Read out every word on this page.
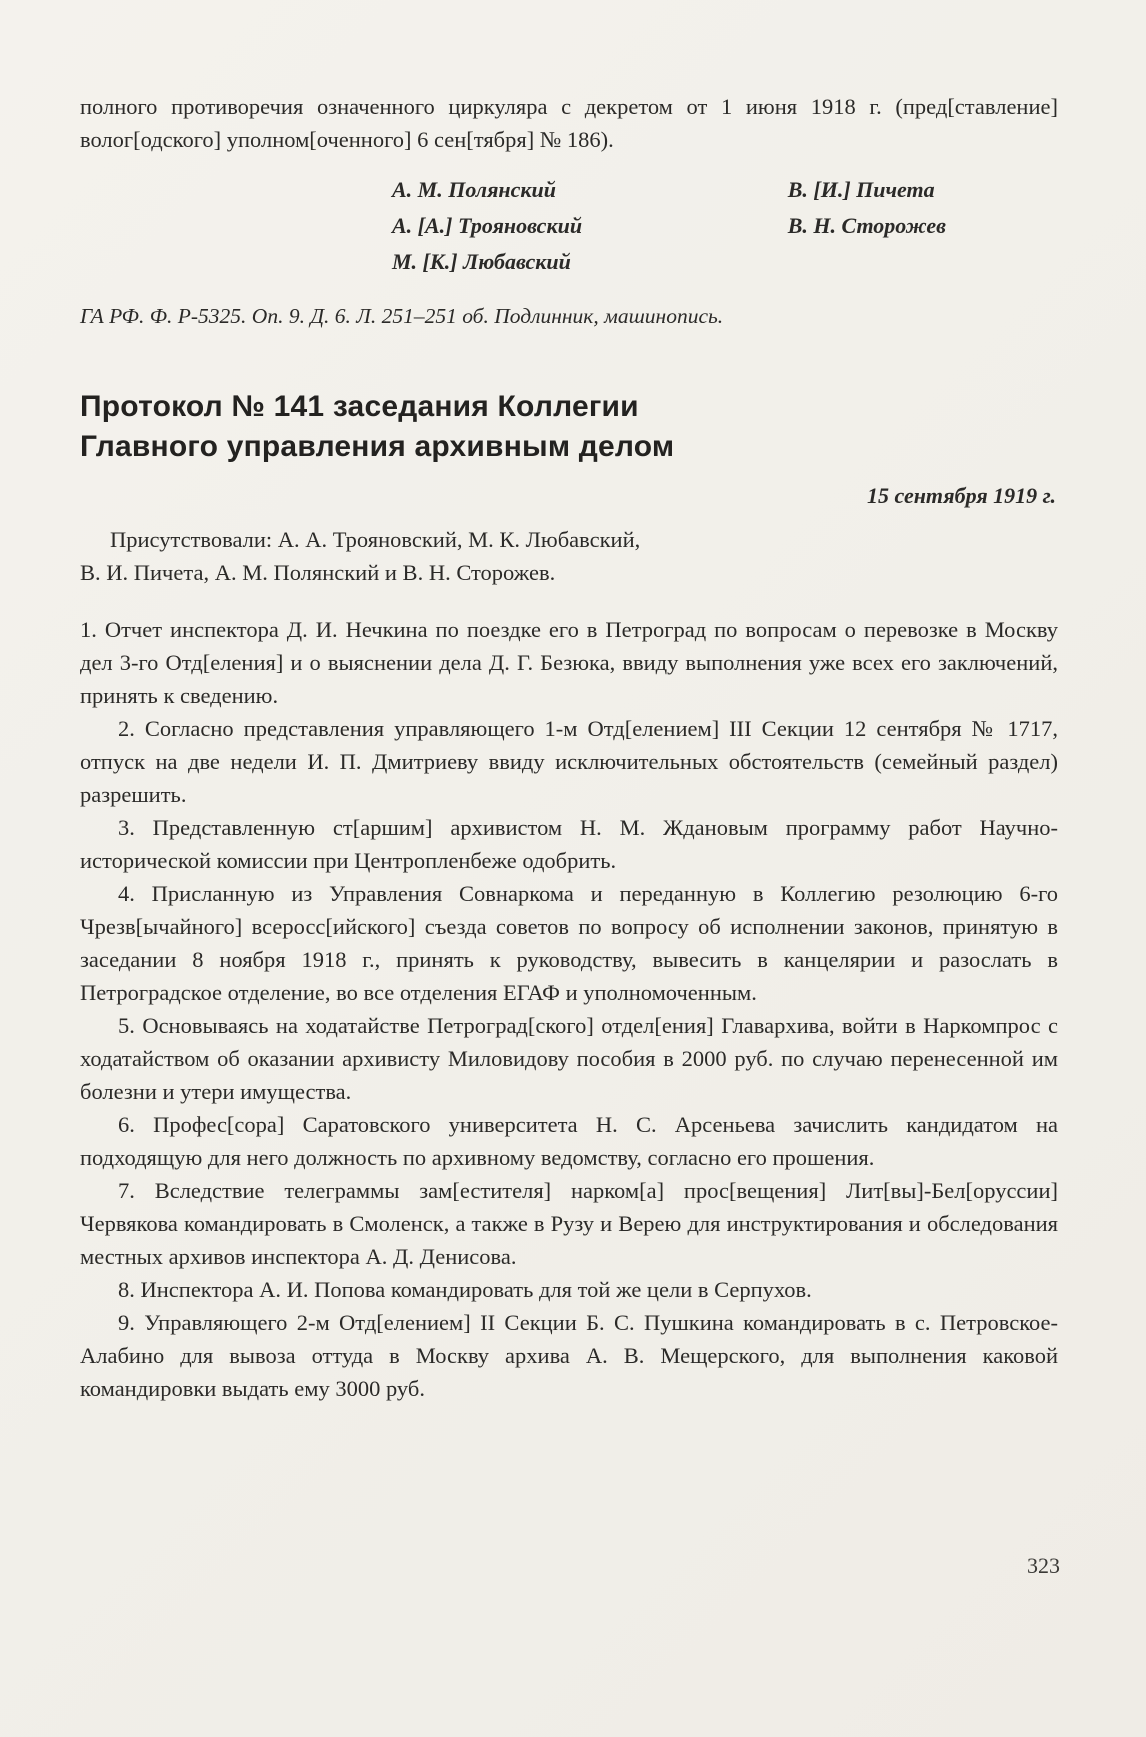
полного противоречия означенного циркуляра с декретом от 1 июня 1918 г. (пред[ставление] волог[одского] уполном[оченного] 6 сен[тября] № 186).

А. М. Полянский
А. [А.] Трояновский
М. [К.] Любавский
В. [И.] Пичета
В. Н. Сторожев

ГА РФ. Ф. Р-5325. Оп. 9. Д. 6. Л. 251–251 об. Подлинник, машинопись.

Протокол № 141 заседания Коллегии Главного управления архивным делом

15 сентября 1919 г.

Присутствовали: А. А. Трояновский, М. К. Любавский,
В. И. Пичета, А. М. Полянский и В. Н. Сторожев.

1. Отчет инспектора Д. И. Нечкина по поездке его в Петроград по вопросам о перевозке в Москву дел 3-го Отд[еления] и о выяснении дела Д. Г. Безюка, ввиду выполнения уже всех его заключений, принять к сведению.

2. Согласно представления управляющего 1-м Отд[елением] III Секции 12 сентября № 1717, отпуск на две недели И. П. Дмитриеву ввиду исключительных обстоятельств (семейный раздел) разрешить.

3. Представленную ст[аршим] архивистом Н. М. Ждановым программу работ Научно-исторической комиссии при Центропленбеже одобрить.

4. Присланную из Управления Совнаркома и переданную в Коллегию резолюцию 6-го Чрезв[ычайного] всеросс[ийского] съезда советов по вопросу об исполнении законов, принятую в заседании 8 ноября 1918 г., принять к руководству, вывесить в канцелярии и разослать в Петроградское отделение, во все отделения ЕГАФ и уполномоченным.

5. Основываясь на ходатайстве Петроград[ского] отдел[ения] Главархива, войти в Наркомпрос с ходатайством об оказании архивисту Миловидову пособия в 2000 руб. по случаю перенесенной им болезни и утери имущества.

6. Профес[сора] Саратовского университета Н. С. Арсеньева зачислить кандидатом на подходящую для него должность по архивному ведомству, согласно его прошения.

7. Вследствие телеграммы зам[естителя] нарком[а] прос[вещения] Лит[вы]-Бел[оруссии] Червякова командировать в Смоленск, а также в Рузу и Верею для инструктирования и обследования местных архивов инспектора А. Д. Денисова.

8. Инспектора А. И. Попова командировать для той же цели в Серпухов.

9. Управляющего 2-м Отд[елением] II Секции Б. С. Пушкина командировать в с. Петровское-Алабино для вывоза оттуда в Москву архива А. В. Мещерского, для выполнения каковой командировки выдать ему 3000 руб.

323
